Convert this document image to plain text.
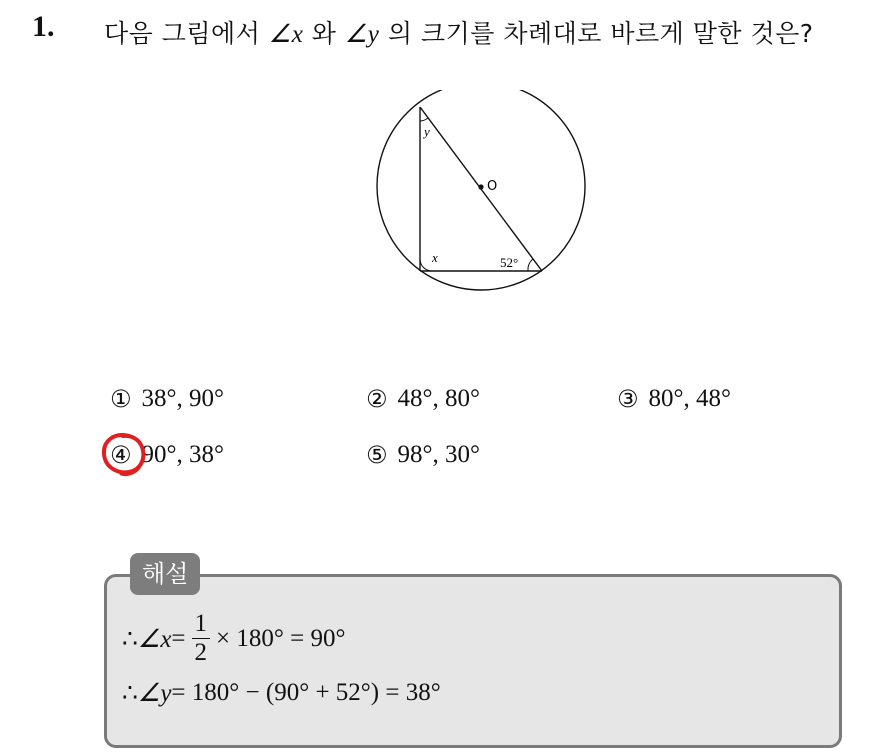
1. 다음 그림에서 ∠x 와 ∠y 의 크기를 차례대로 바르게 말한 것은?
y
x
O
52°
① 38°, 90°	② 48°, 80°	③ 80°, 48°
④ 90°, 38°	⑤ 98°, 30°
해설
∴ ∠x = $\frac{1}{2} \times 180^\circ = 90^\circ$
∴ ∠y = 180° − (90° + 52°) = 38°
